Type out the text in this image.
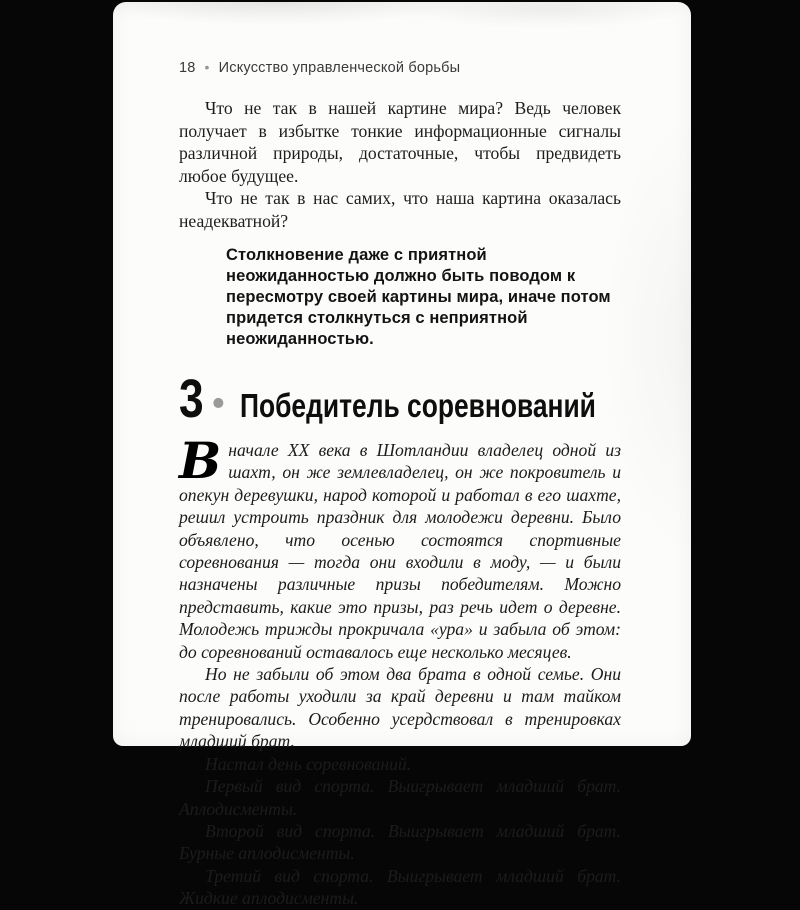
18 • Искусство управленческой борьбы

Что не так в нашей картине мира? Ведь человек получает в избытке тонкие информационные сигналы различной природы, достаточные, чтобы предвидеть любое будущее.

Что не так в нас самих, что наша картина оказалась неадекватной?

Столкновение даже с приятной неожиданностью должно быть поводом к пересмотру своей картины мира, иначе потом придется столкнуться с неприятной неожиданностью.
3 • Победитель соревнований

В начале XX века в Шотландии владелец одной из шахт, он же землевладелец, он же покровитель и опекун деревушки, народ которой и работал в его шахте, решил устроить праздник для молодежи деревни. Было объявлено, что осенью состоятся спортивные соревнования — тогда они входили в моду, — и были назначены различные призы победителям. Можно представить, какие это призы, раз речь идет о деревне. Молодежь трижды прокричала «ура» и забыла об этом: до соревнований оставалось еще несколько месяцев.

Но не забыли об этом два брата в одной семье. Они после работы уходили за край деревни и там тайком тренировались. Особенно усердствовал в тренировках младший брат.

Настал день соревнований.

Первый вид спорта. Выигрывает младший брат. Аплодисменты.

Второй вид спорта. Выигрывает младший брат. Бурные аплодисменты.

Третий вид спорта. Выигрывает младший брат. Жидкие аплодисменты.
